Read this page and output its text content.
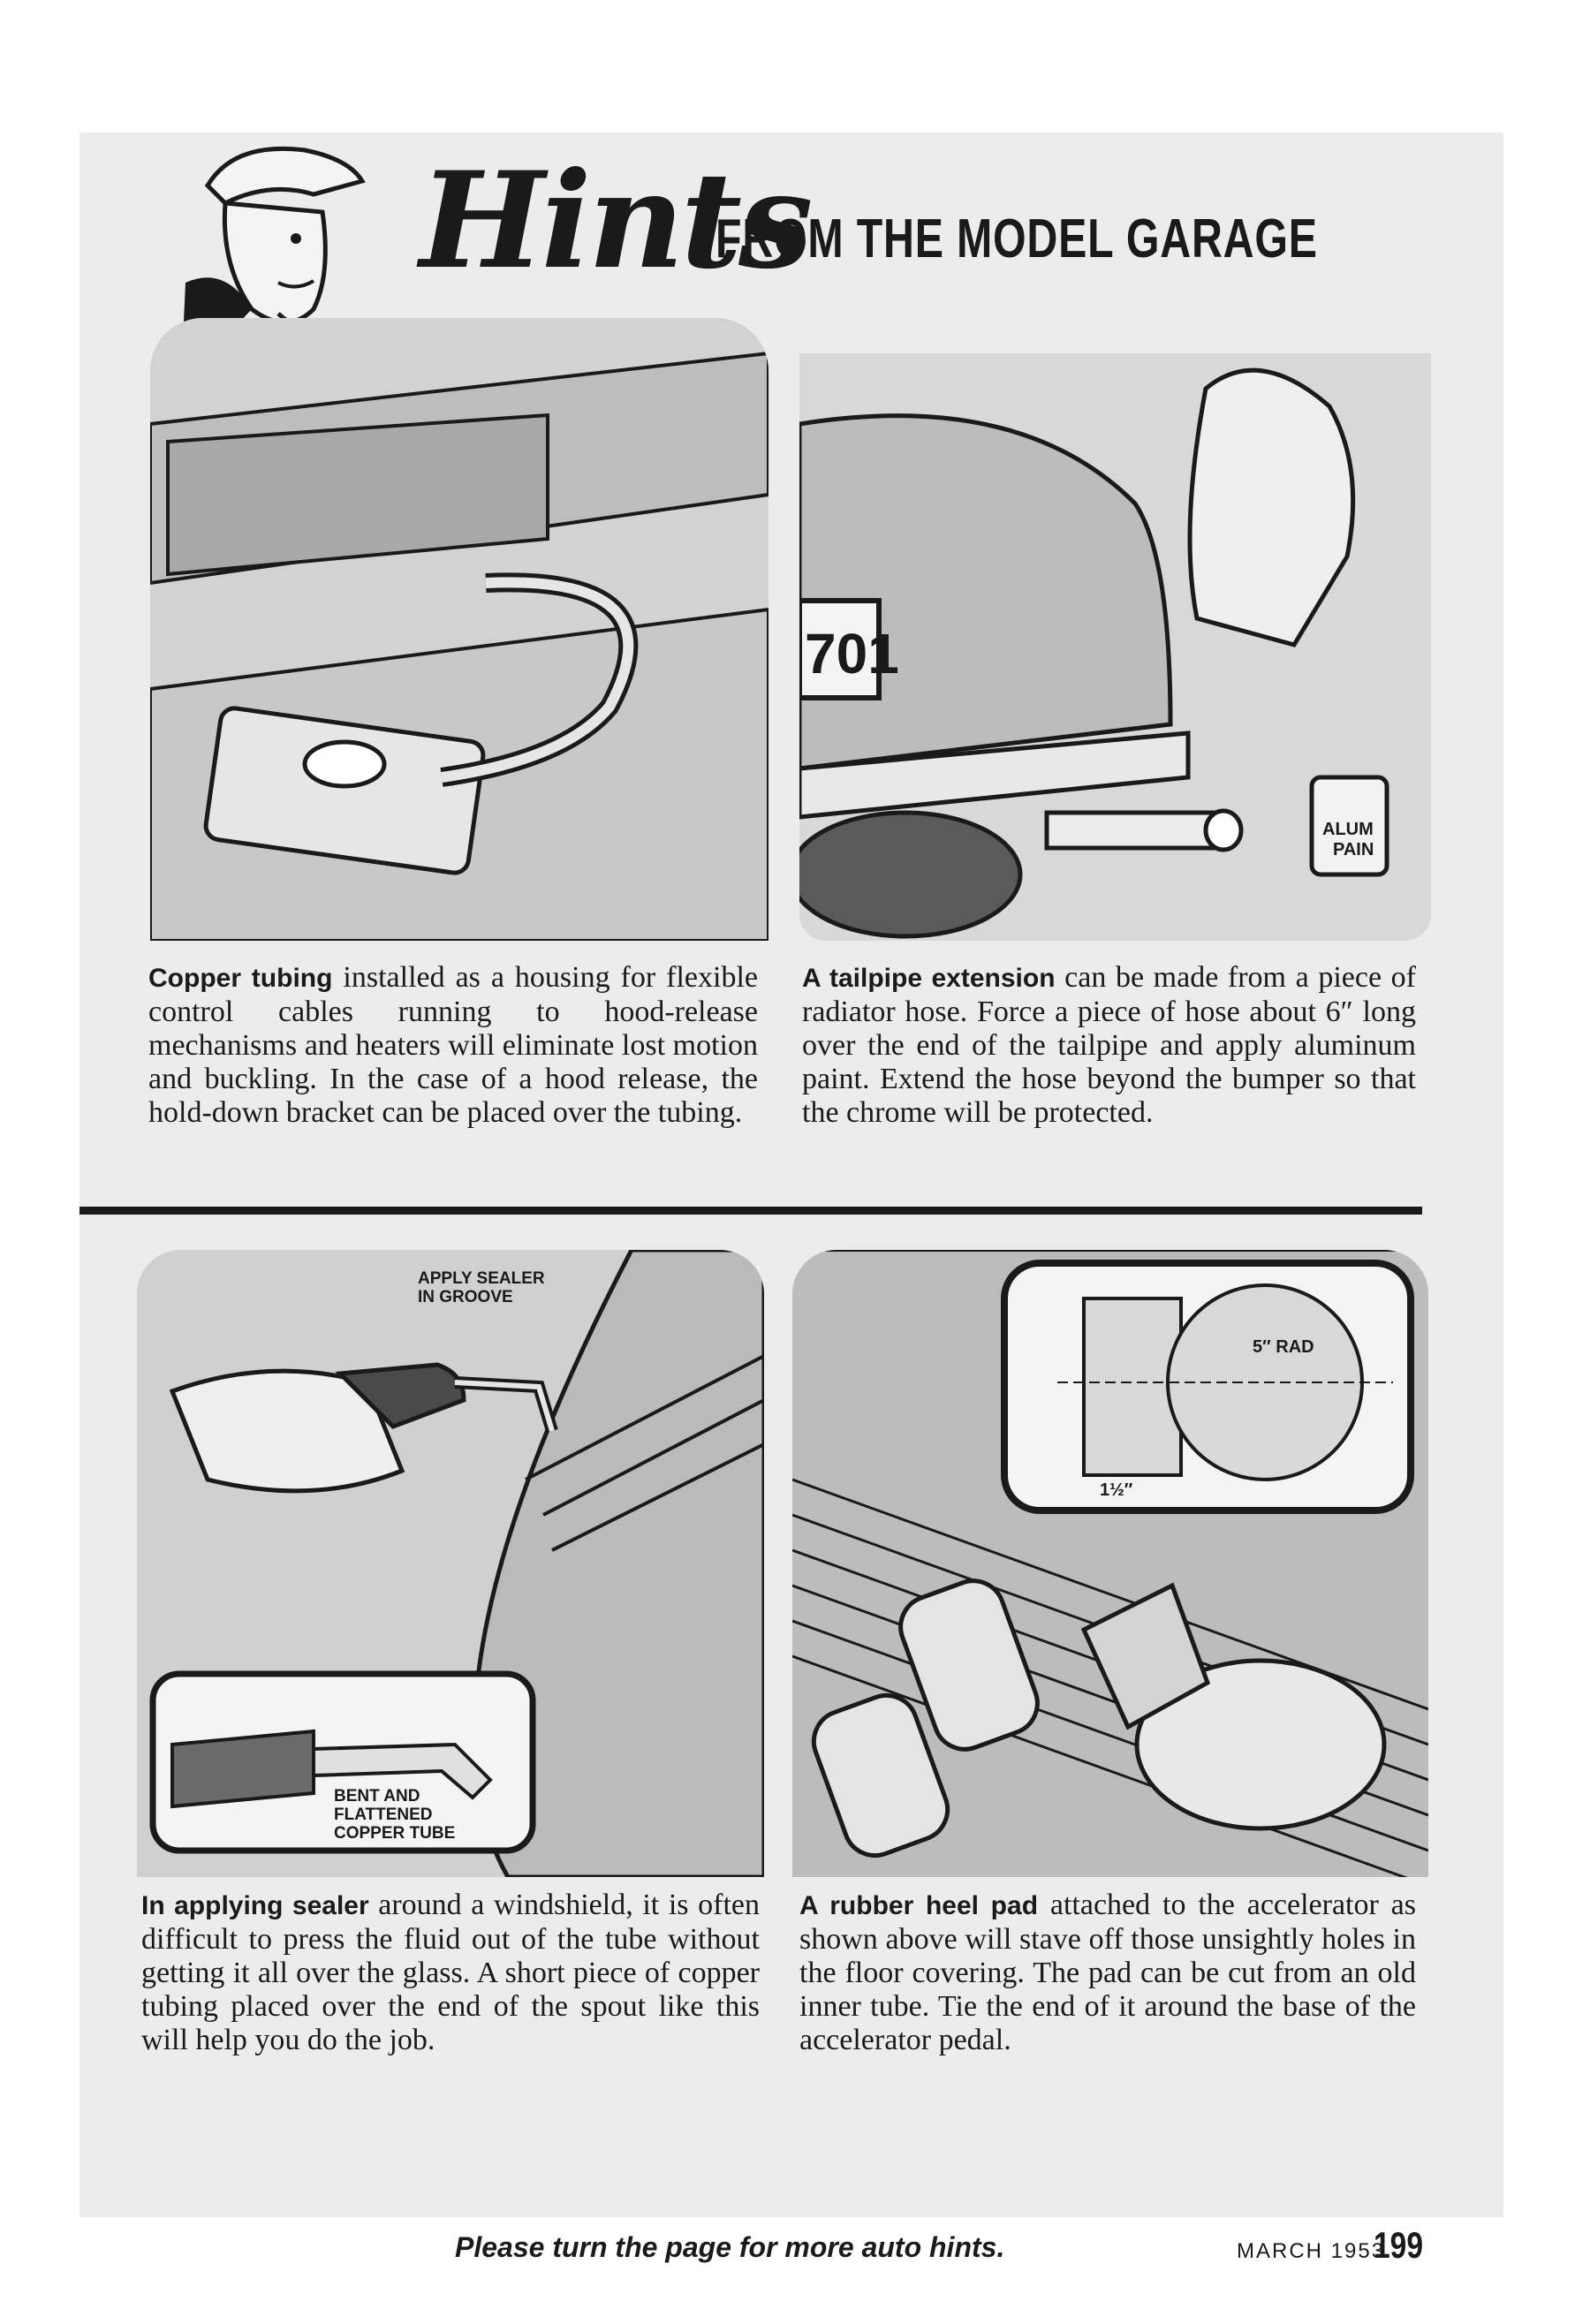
Hints
FROM THE MODEL GARAGE
701
ALUM
PAIN
Copper tubing installed as a housing for flexible control cables running to hood-release mechanisms and heaters will eliminate lost motion and buckling. In the case of a hood release, the hold-down bracket can be placed over the tubing.
A tailpipe extension can be made from a piece of radiator hose. Force a piece of hose about 6″ long over the end of the tailpipe and apply aluminum paint. Extend the hose beyond the bumper so that the chrome will be protected.
APPLY SEALER
IN GROOVE
BENT AND
FLATTENED
COPPER TUBE
5″ RAD
1½″
In applying sealer around a windshield, it is often difficult to press the fluid out of the tube without getting it all over the glass. A short piece of copper tubing placed over the end of the spout like this will help you do the job.
A rubber heel pad attached to the accelerator as shown above will stave off those unsightly holes in the floor covering. The pad can be cut from an old inner tube. Tie the end of it around the base of the accelerator pedal.
Please turn the page for more auto hints.	MARCH 1953
199
